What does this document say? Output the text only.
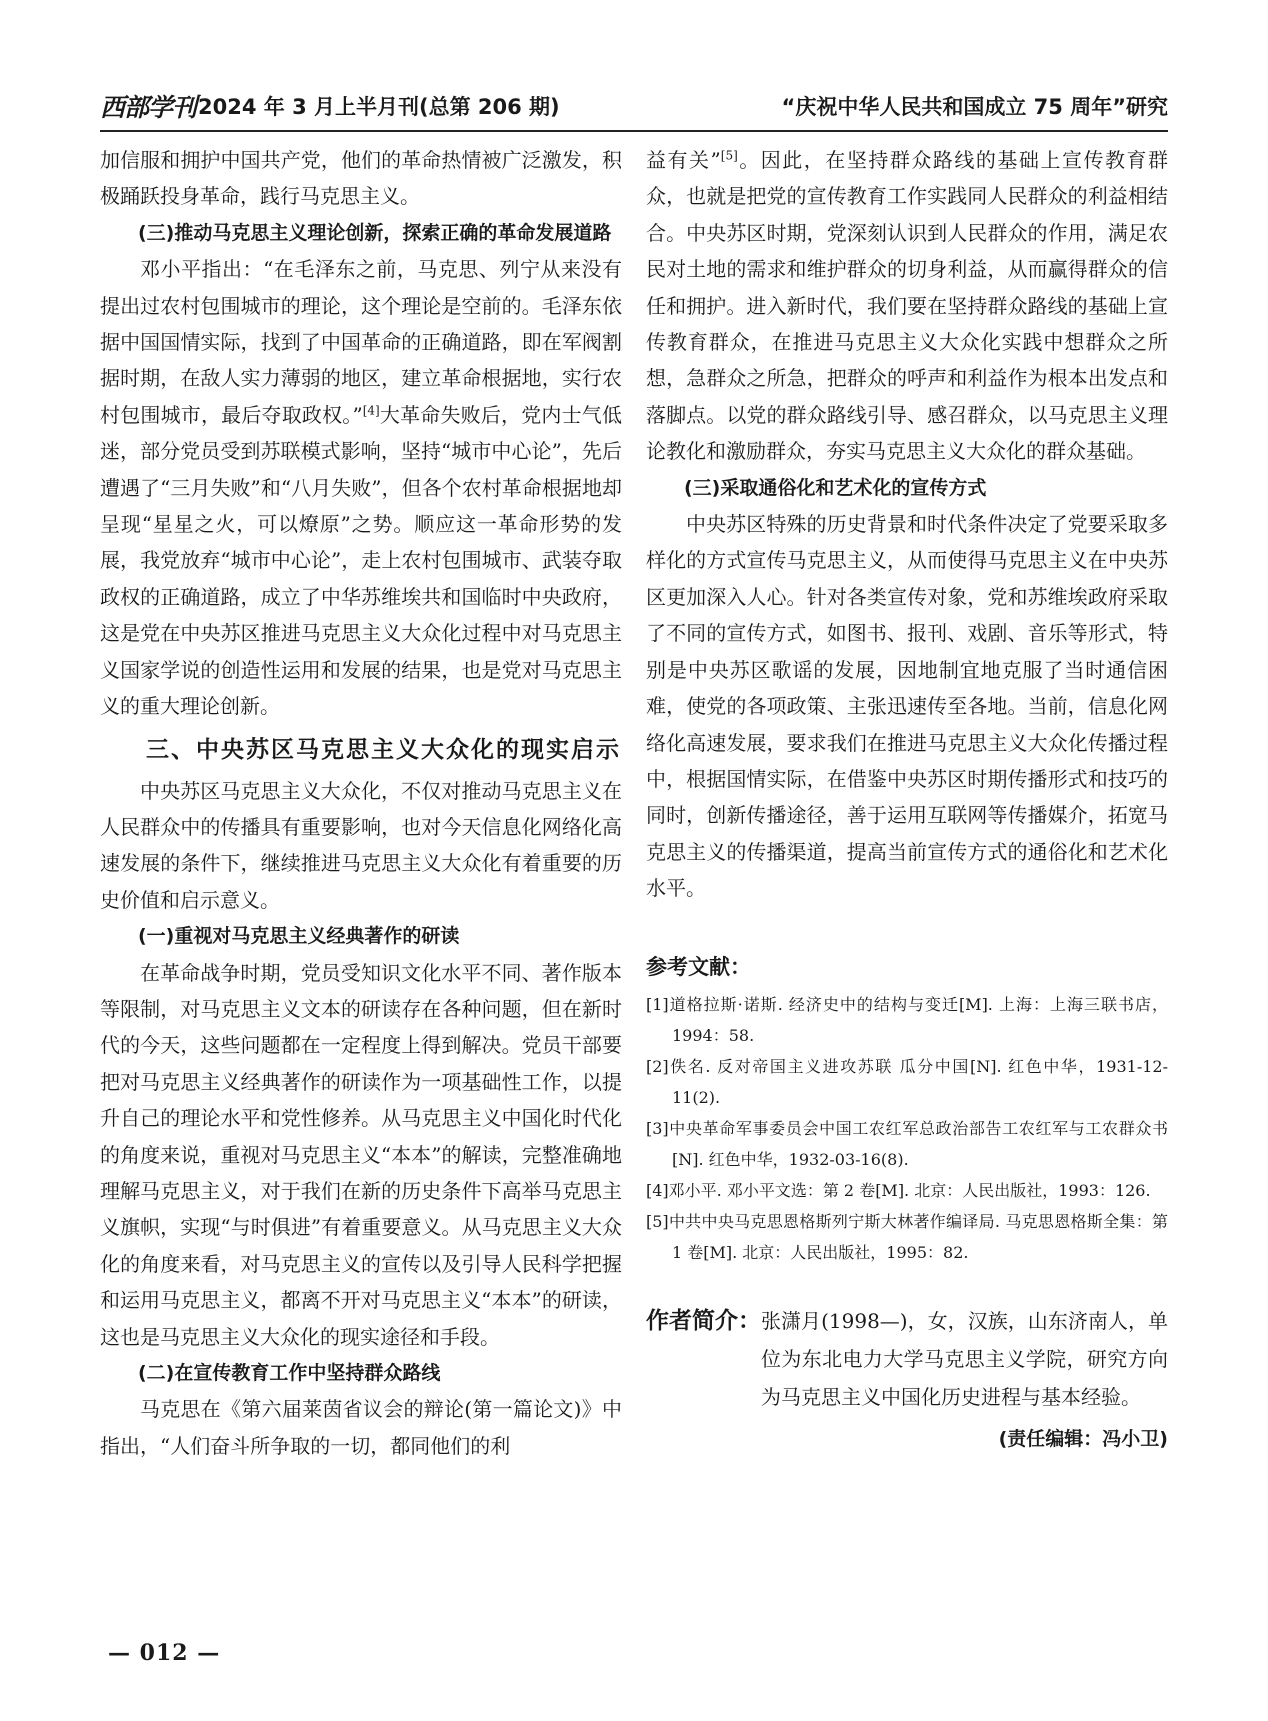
西部学刊 2024 年 3 月上半月刊(总第 206 期)	“庆祝中华人民共和国成立 75 周年”研究

加信服和拥护中国共产党，他们的革命热情被广泛激发，积极踊跃投身革命，践行马克思主义。

(三)推动马克思主义理论创新，探索正确的革命发展道路

邓小平指出：“在毛泽东之前，马克思、列宁从来没有提出过农村包围城市的理论，这个理论是空前的。毛泽东依据中国国情实际，找到了中国革命的正确道路，即在军阀割据时期，在敌人实力薄弱的地区，建立革命根据地，实行农村包围城市，最后夺取政权。”[4]大革命失败后，党内士气低迷，部分党员受到苏联模式影响，坚持“城市中心论”，先后遭遇了“三月失败”和“八月失败”，但各个农村革命根据地却呈现“星星之火，可以燎原”之势。顺应这一革命形势的发展，我党放弃“城市中心论”，走上农村包围城市、武装夺取政权的正确道路，成立了中华苏维埃共和国临时中央政府，这是党在中央苏区推进马克思主义大众化过程中对马克思主义国家学说的创造性运用和发展的结果，也是党对马克思主义的重大理论创新。

三、中央苏区马克思主义大众化的现实启示

中央苏区马克思主义大众化，不仅对推动马克思主义在人民群众中的传播具有重要影响，也对今天信息化网络化高速发展的条件下，继续推进马克思主义大众化有着重要的历史价值和启示意义。

(一)重视对马克思主义经典著作的研读

在革命战争时期，党员受知识文化水平不同、著作版本等限制，对马克思主义文本的研读存在各种问题，但在新时代的今天，这些问题都在一定程度上得到解决。党员干部要把对马克思主义经典著作的研读作为一项基础性工作，以提升自己的理论水平和党性修养。从马克思主义中国化时代化的角度来说，重视对马克思主义“本本”的解读，完整准确地理解马克思主义，对于我们在新的历史条件下高举马克思主义旗帜，实现“与时俱进”有着重要意义。从马克思主义大众化的角度来看，对马克思主义的宣传以及引导人民科学把握和运用马克思主义，都离不开对马克思主义“本本”的研读，这也是马克思主义大众化的现实途径和手段。

(二)在宣传教育工作中坚持群众路线

马克思在《第六届莱茵省议会的辩论(第一篇论文)》中指出，“人们奋斗所争取的一切，都同他们的利

益有关”[5]。因此，在坚持群众路线的基础上宣传教育群众，也就是把党的宣传教育工作实践同人民群众的利益相结合。中央苏区时期，党深刻认识到人民群众的作用，满足农民对土地的需求和维护群众的切身利益，从而赢得群众的信任和拥护。进入新时代，我们要在坚持群众路线的基础上宣传教育群众，在推进马克思主义大众化实践中想群众之所想，急群众之所急，把群众的呼声和利益作为根本出发点和落脚点。以党的群众路线引导、感召群众，以马克思主义理论教化和激励群众，夯实马克思主义大众化的群众基础。

(三)采取通俗化和艺术化的宣传方式

中央苏区特殊的历史背景和时代条件决定了党要采取多样化的方式宣传马克思主义，从而使得马克思主义在中央苏区更加深入人心。针对各类宣传对象，党和苏维埃政府采取了不同的宣传方式，如图书、报刊、戏剧、音乐等形式，特别是中央苏区歌谣的发展，因地制宜地克服了当时通信困难，使党的各项政策、主张迅速传至各地。当前，信息化网络化高速发展，要求我们在推进马克思主义大众化传播过程中，根据国情实际，在借鉴中央苏区时期传播形式和技巧的同时，创新传播途径，善于运用互联网等传播媒介，拓宽马克思主义的传播渠道，提高当前宣传方式的通俗化和艺术化水平。

参考文献：
[1]道格拉斯·诺斯. 经济史中的结构与变迁[M]. 上海：上海三联书店，1994：58.
[2]佚名. 反对帝国主义进攻苏联 瓜分中国[N]. 红色中华，1931-12-11(2).
[3]中央革命军事委员会中国工农红军总政治部告工农红军与工农群众书[N]. 红色中华，1932-03-16(8).
[4]邓小平. 邓小平文选：第 2 卷[M]. 北京：人民出版社，1993：126.
[5]中共中央马克思恩格斯列宁斯大林著作编译局. 马克思恩格斯全集：第 1 卷[M]. 北京：人民出版社，1995：82.
作者简介： 张潇月(1998—)，女，汉族，山东济南人，单位为东北电力大学马克思主义学院，研究方向为马克思主义中国化历史进程与基本经验。
(责任编辑：冯小卫)
— 012 —
